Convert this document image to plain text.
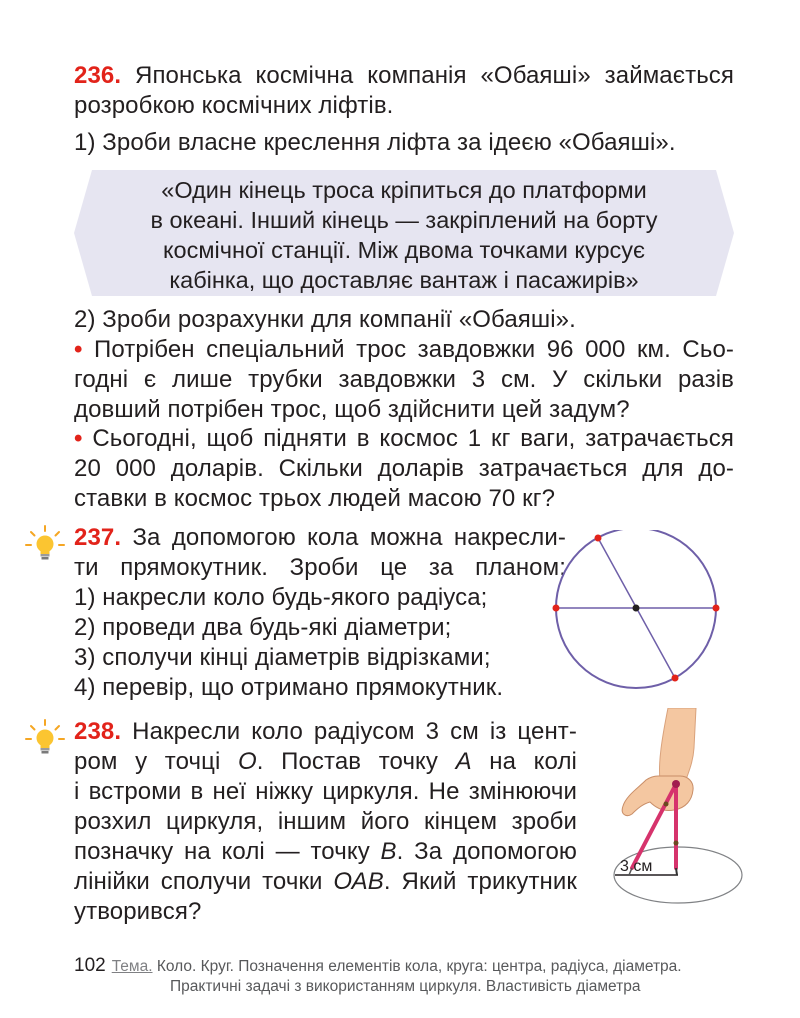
236. Японська космічна компанія «Обаяші» займається
розробкою космічних ліфтів.
1) Зроби власне креслення ліфта за ідеєю «Обаяші».
«Один кінець троса кріпиться до платформи
в океані. Інший кінець — закріплений на борту
космічної станції. Між двома точками курсує
кабінка, що доставляє вантаж і пасажирів»
2) Зроби розрахунки для компанії «Обаяші».
• Потрібен спеціальний трос завдовжки 96 000 км. Сьо-
годні є лише трубки завдовжки 3 см. У скільки разів
довший потрібен трос, щоб здійснити цей задум?
• Сьогодні, щоб підняти в космос 1 кг ваги, затрачається
20 000 доларів. Скільки доларів затрачається для до-
ставки в космос трьох людей масою 70 кг?
237. За допомогою кола можна накресли-
ти прямокутник. Зроби це за планом:
1) накресли коло будь-якого радіуса;
2) проведи два будь-які діаметри;
3) сполучи кінці діаметрів відрізками;
4) перевір, що отримано прямокутник.
238. Накресли коло радіусом 3 см із цент-
ром у точці О. Постав точку А на колі
і встроми в неї ніжку циркуля. Не змінюючи
розхил циркуля, іншим його кінцем зроби
позначку на колі — точку В. За допомогою
лінійки сполучи точки ОАВ. Який трикутник
утворився?
3 см
102 Тема. Коло. Круг. Позначення елементів кола, круга: центра, радіуса, діаметра.
Практичні задачі з використанням циркуля. Властивість діаметра
